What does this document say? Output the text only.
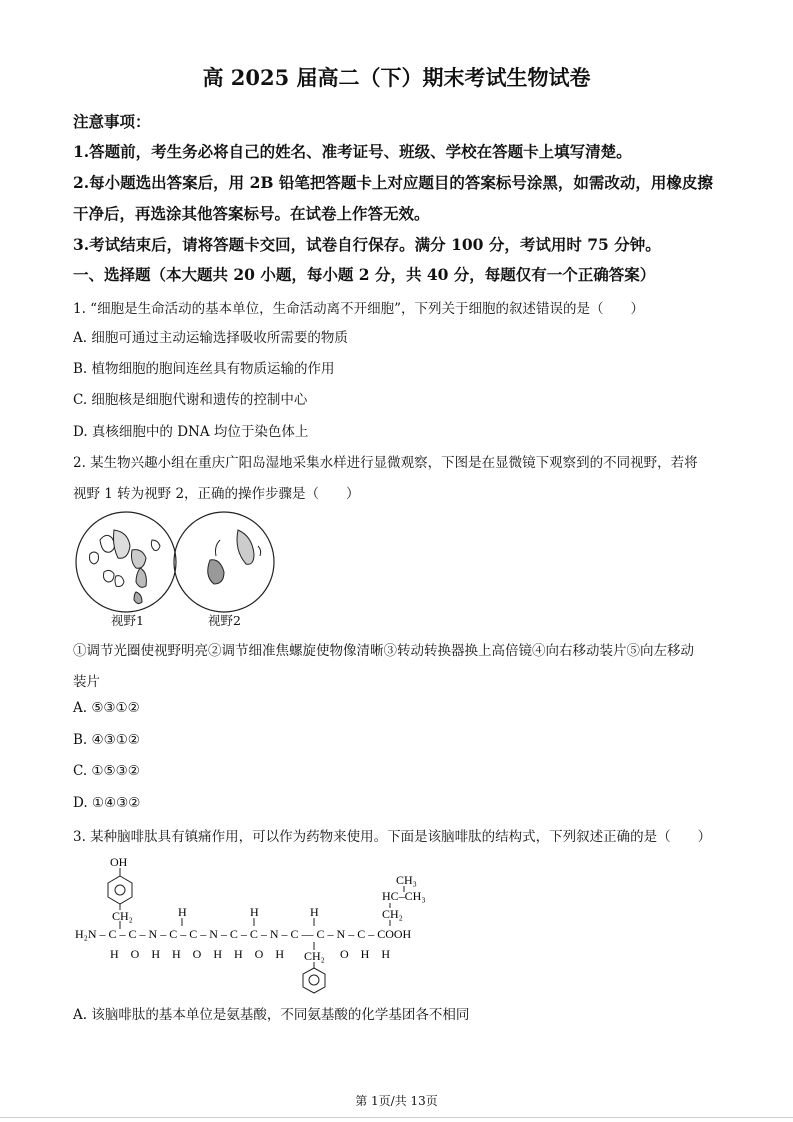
高 2025 届高二（下）期末考试生物试卷
注意事项：
1.答题前，考生务必将自己的姓名、准考证号、班级、学校在答题卡上填写清楚。
2.每小题选出答案后，用 2B 铅笔把答题卡上对应题目的答案标号涂黑，如需改动，用橡皮擦
干净后，再选涂其他答案标号。在试卷上作答无效。
3.考试结束后，请将答题卡交回，试卷自行保存。满分 100 分，考试用时 75 分钟。
一、选择题（本大题共 20 小题，每小题 2 分，共 40 分，每题仅有一个正确答案）
1. “细胞是生命活动的基本单位，生命活动离不开细胞”，下列关于细胞的叙述错误的是（　　）
A. 细胞可通过主动运输选择吸收所需要的物质
B. 植物细胞的胞间连丝具有物质运输的作用
C. 细胞核是细胞代谢和遗传的控制中心
D. 真核细胞中的 DNA 均位于染色体上
2. 某生物兴趣小组在重庆广阳岛湿地采集水样进行显微观察，下图是在显微镜下观察到的不同视野，若将
视野 1 转为视野 2，正确的操作步骤是（　　）
视野1	视野2
①调节光圈使视野明亮②调节细准焦螺旋使物像清晰③转动转换器换上高倍镜④向右移动装片⑤向左移动
装片
A. ⑤③①②
B. ④③①②
C. ①⑤③②
D. ①④③②
3. 某种脑啡肽具有镇痛作用，可以作为药物来使用。下面是该脑啡肽的结构式，下列叙述正确的是（　　）
OH
CH₂	H	H	H
H₂N – C – C – N – C – C – N – C – C – N – C ― C – N – C – COOH
H　O　H　H　O　H　H　O　H	O　H　H
CH₂
CH₃
HC–CH₃
CH₂
A. 该脑啡肽的基本单位是氨基酸，不同氨基酸的化学基团各不相同
第 1页/共 13页
